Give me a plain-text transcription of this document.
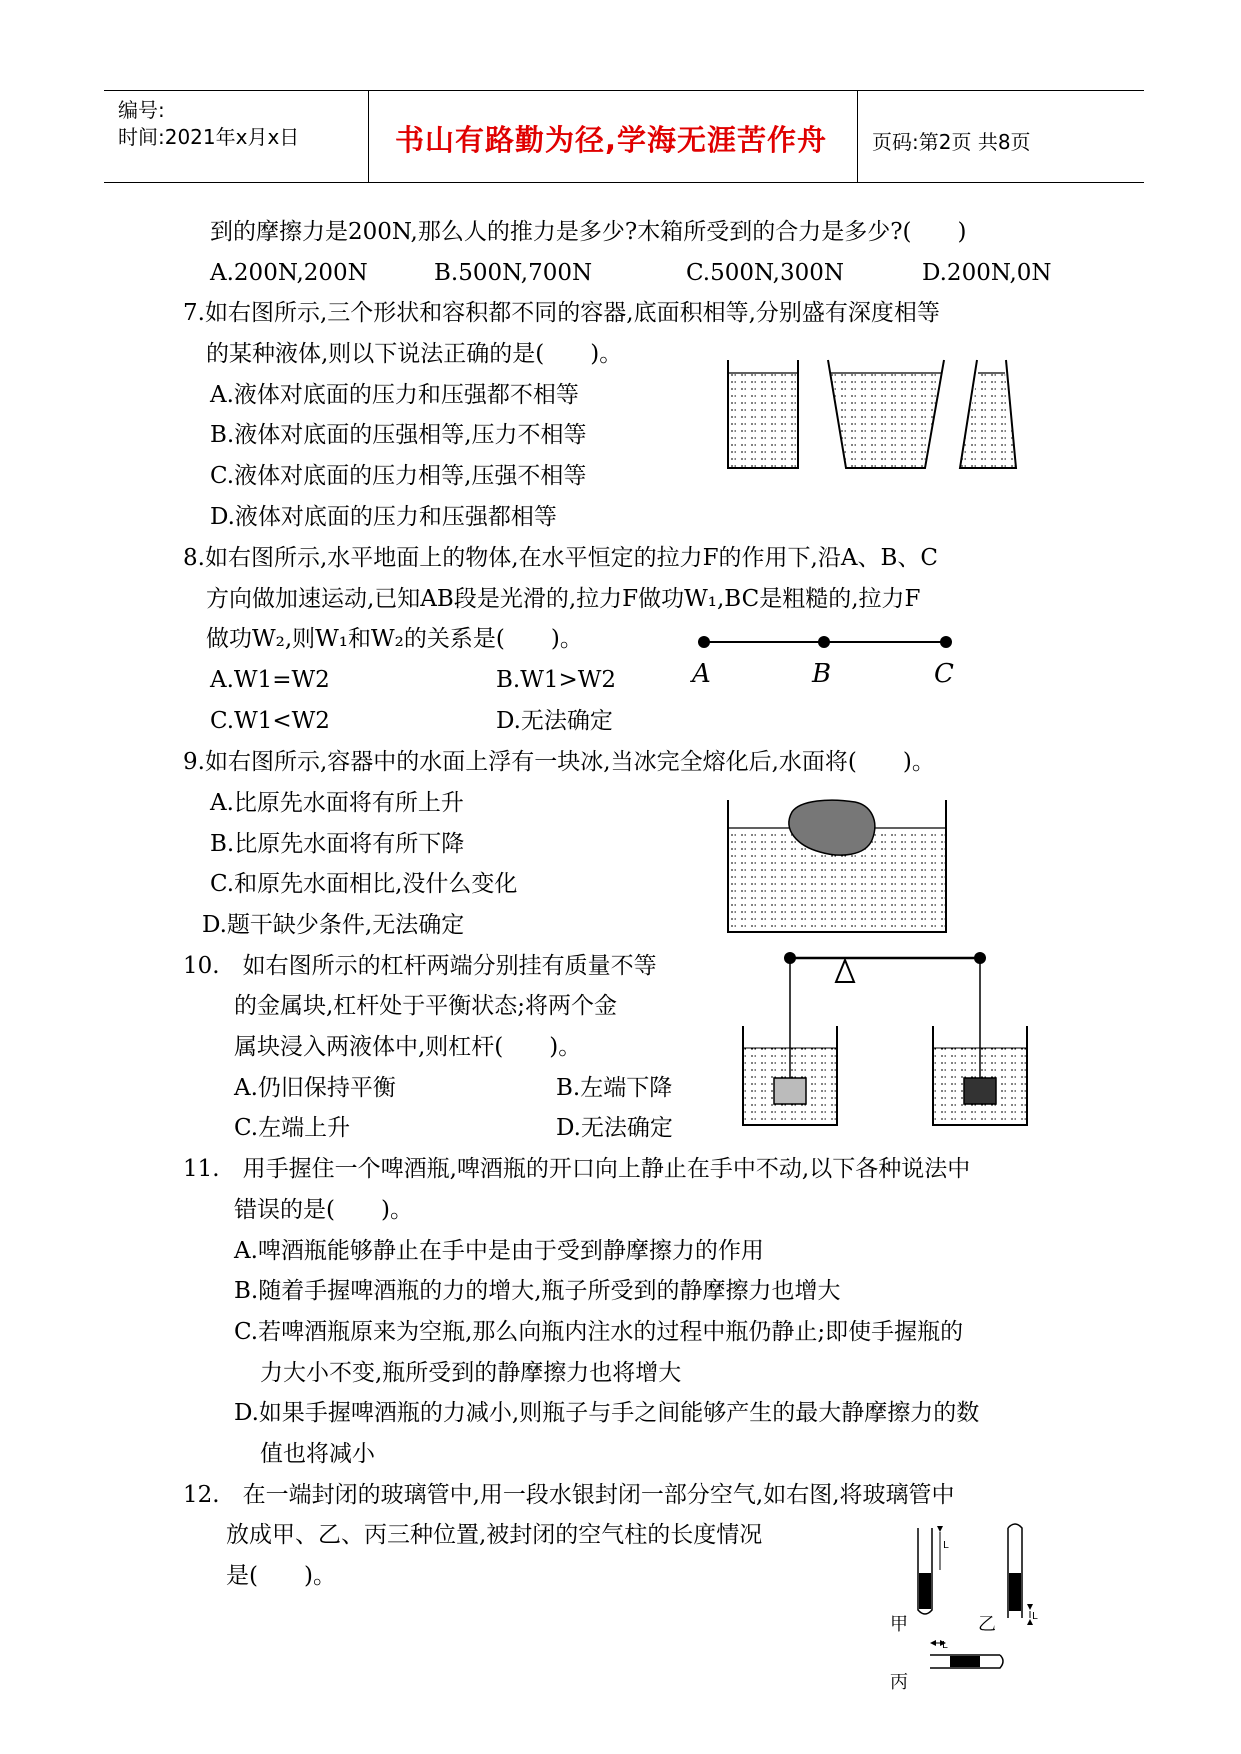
编号:
时间:2021年x月x日	书山有路勤为径,学海无涯苦作舟 页码:第2页 共8页
到的摩擦力是200N,那么人的推力是多少?木箱所受到的合力是多少?(　　)
A.200N,200N	B.500N,700N	C.500N,300N	D.200N,0N
7.如右图所示,三个形状和容积都不同的容器,底面积相等,分别盛有深度相等
的某种液体,则以下说法正确的是(　　)。
A.液体对底面的压力和压强都不相等
B.液体对底面的压强相等,压力不相等
C.液体对底面的压力相等,压强不相等
D.液体对底面的压力和压强都相等
8.如右图所示,水平地面上的物体,在水平恒定的拉力F的作用下,沿A、B、C
方向做加速运动,已知AB段是光滑的,拉力F做功W₁,BC是粗糙的,拉力F
做功W₂,则W₁和W₂的关系是(　　)。
A.W1=W2	B.W1>W2
C.W1<W2	D.无法确定
A	B	C
9.如右图所示,容器中的水面上浮有一块冰,当冰完全熔化后,水面将(　　)。
A.比原先水面将有所上升
B.比原先水面将有所下降
C.和原先水面相比,没什么变化
D.题干缺少条件,无法确定
10.　如右图所示的杠杆两端分别挂有质量不等
的金属块,杠杆处于平衡状态;将两个金
属块浸入两液体中,则杠杆(　　)。
A.仍旧保持平衡	B.左端下降
C.左端上升	D.无法确定
11.　用手握住一个啤酒瓶,啤酒瓶的开口向上静止在手中不动,以下各种说法中
错误的是(　　)。
A.啤酒瓶能够静止在手中是由于受到静摩擦力的作用
B.随着手握啤酒瓶的力的增大,瓶子所受到的静摩擦力也增大
C.若啤酒瓶原来为空瓶,那么向瓶内注水的过程中瓶仍静止;即使手握瓶的
力大小不变,瓶所受到的静摩擦力也将增大
D.如果手握啤酒瓶的力减小,则瓶子与手之间能够产生的最大静摩擦力的数
值也将减小
12.　在一端封闭的玻璃管中,用一段水银封闭一部分空气,如右图,将玻璃管中
放成甲、乙、丙三种位置,被封闭的空气柱的长度情况
是(　　)。
L
L
L
甲	乙
丙
